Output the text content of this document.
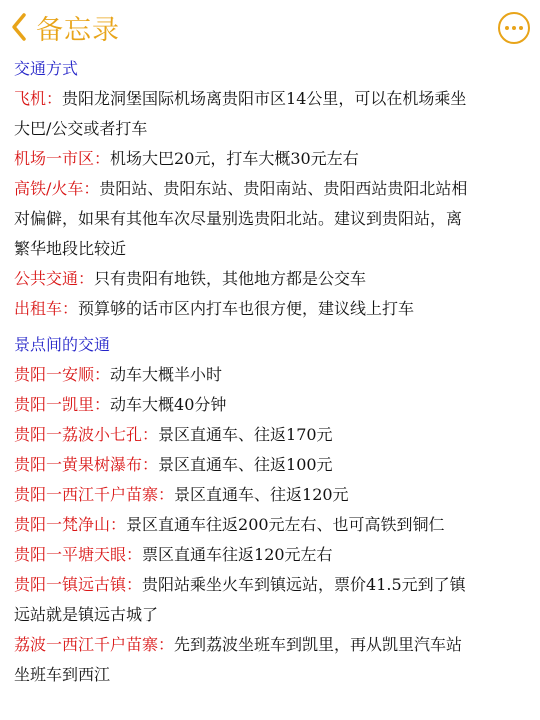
备忘录
交通方式
飞机：贵阳龙洞堡国际机场离贵阳市区14公里，可以在机场乘坐
大巴/公交或者打车
机场一市区：机场大巴20元，打车大概30元左右
高铁/火车：贵阳站、贵阳东站、贵阳南站、贵阳西站贵阳北站相
对偏僻，如果有其他车次尽量别选贵阳北站。建议到贵阳站，离
繁华地段比较近
公共交通：只有贵阳有地铁，其他地方都是公交车
出租车：预算够的话市区内打车也很方便，建议线上打车
景点间的交通
贵阳一安顺：动车大概半小时
贵阳一凯里：动车大概40分钟
贵阳一荔波小七孔：景区直通车、往返170元
贵阳一黄果树瀑布：景区直通车、往返100元
贵阳一西江千户苗寨：景区直通车、往返120元
贵阳一梵净山：景区直通车往返200元左右、也可高铁到铜仁
贵阳一平塘天眼：票区直通车往返120元左右
贵阳一镇远古镇：贵阳站乘坐火车到镇远站，票价41.5元到了镇
远站就是镇远古城了
荔波一西江千户苗寨：先到荔波坐班车到凯里，再从凯里汽车站
坐班车到西江
